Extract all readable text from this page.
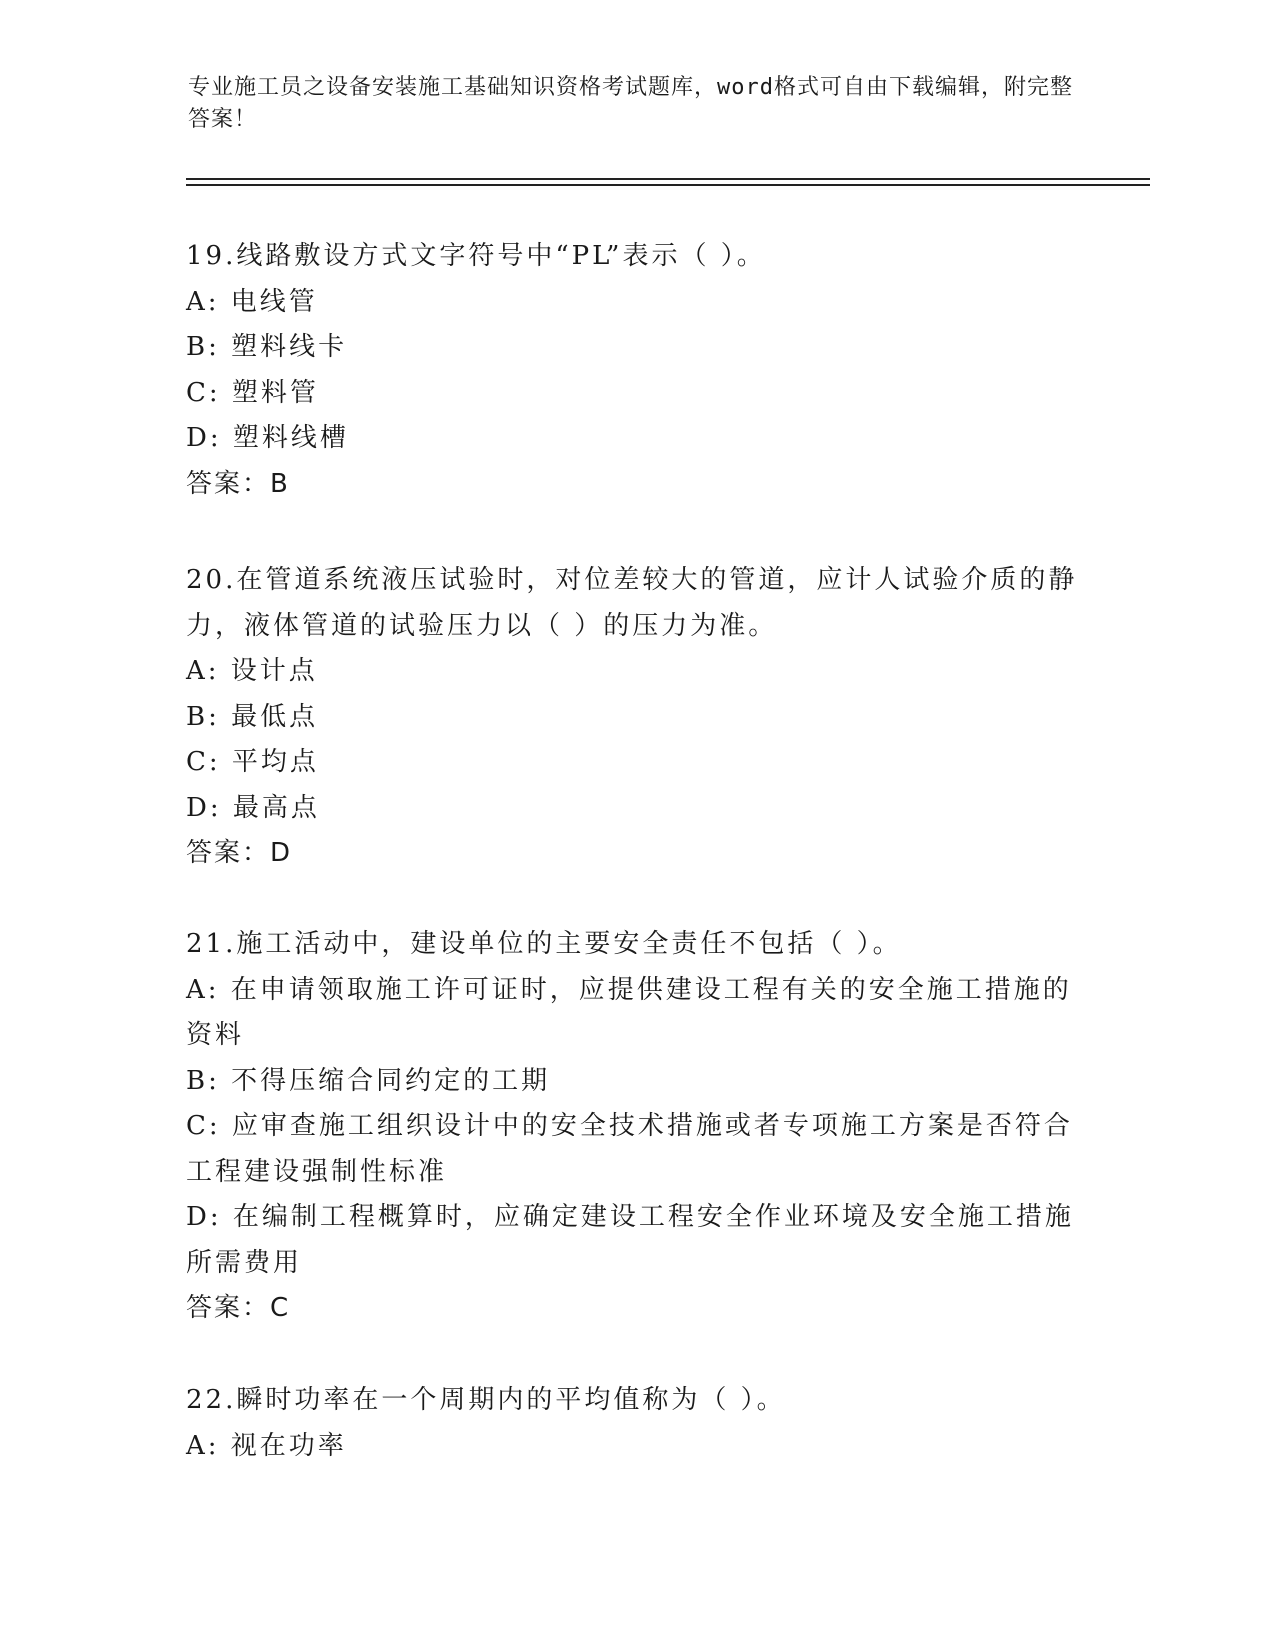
专业施工员之设备安装施工基础知识资格考试题库，word格式可自由下载编辑，附完整答案！

19.线路敷设方式文字符号中“PL”表示（ ）。

A: 电线管

B: 塑料线卡

C: 塑料管

D: 塑料线槽

答案：B

20.在管道系统液压试验时，对位差较大的管道，应计人试验介质的静力，液体管道的试验压力以（ ）的压力为准。

A: 设计点

B: 最低点

C: 平均点

D: 最高点

答案：D

21.施工活动中，建设单位的主要安全责任不包括（ ）。

A: 在申请领取施工许可证时，应提供建设工程有关的安全施工措施的资料

B: 不得压缩合同约定的工期

C: 应审查施工组织设计中的安全技术措施或者专项施工方案是否符合工程建设强制性标准

D: 在编制工程概算时，应确定建设工程安全作业环境及安全施工措施所需费用

答案：C

22.瞬时功率在一个周期内的平均值称为（ ）。

A: 视在功率
